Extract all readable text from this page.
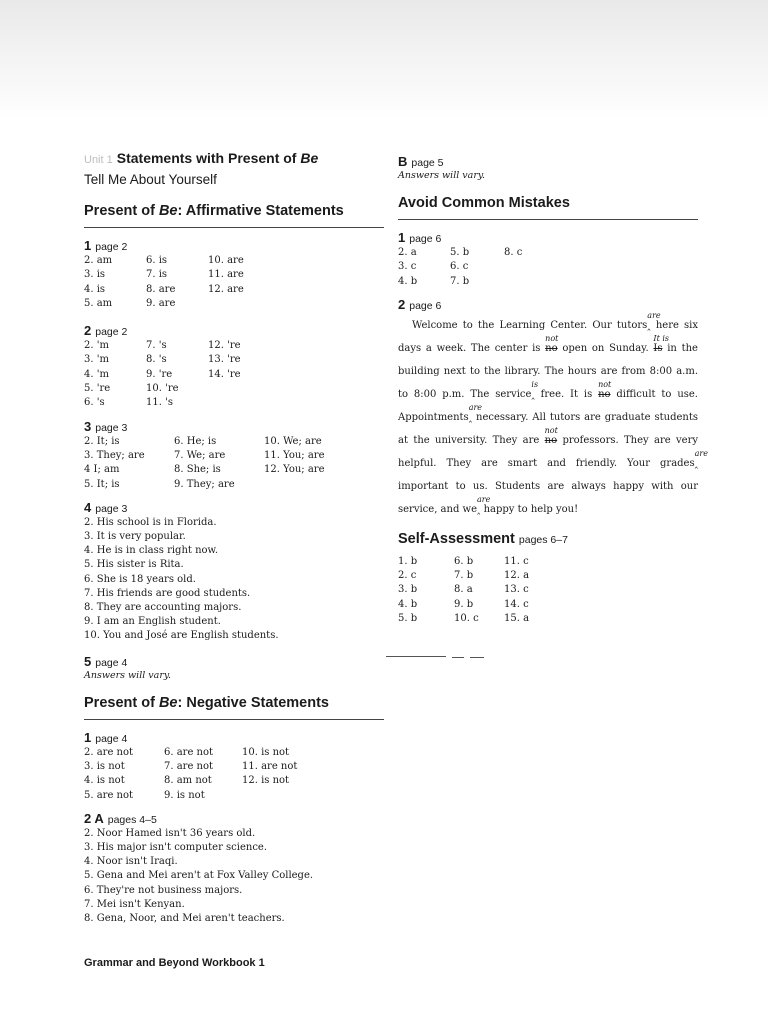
Unit 1 Statements with Present of Be
Tell Me About Yourself
Present of Be: Affirmative Statements
1 page 2
2. am
3. is
4. is
5. am
6. is
7. is
8. are
9. are
10. are
11. are
12. are
2 page 2
2. 'm
3. 'm
4. 'm
5. 're
6. 's
7. 's
8. 's
9. 're
10. 're
11. 's
12. 're
13. 're
14. 're
3 page 3
2. It; is
3. They; are
4 I; am
5. It; is
6. He; is
7. We; are
8. She; is
9. They; are
10. We; are
11. You; are
12. You; are
4 page 3
2. His school is in Florida.
3. It is very popular.
4. He is in class right now.
5. His sister is Rita.
6. She is 18 years old.
7. His friends are good students.
8. They are accounting majors.
9. I am an English student.
10. You and José are English students.
5 page 4
Answers will vary.
Present of Be: Negative Statements
1 page 4
2. are not
3. is not
4. is not
5. are not
6. are not
7. are not
8. am not
9. is not
10. is not
11. are not
12. is not
2 A pages 4–5
2. Noor Hamed isn't 36 years old.
3. His major isn't computer science.
4. Noor isn't Iraqi.
5. Gena and Mei aren't at Fox Valley College.
6. They're not business majors.
7. Mei isn't Kenyan.
8. Gena, Noor, and Mei aren't teachers.
B page 5
Answers will vary.
Avoid Common Mistakes
1 page 6
2. a
3. c
4. b
5. b
6. c
7. b
8. c
2 page 6
Welcome to the Learning Center. Our tutors
are
‸ here six days a week. The center is
not
no open on Sunday.
It is
Is in the building next to the library. The hours are from 8:00 a.m. to 8:00 p.m. The service
is
‸ free. It is
not
no difficult to use. Appointments
are
‸ necessary. All tutors are graduate students at the university. They are
not
no professors. They are very helpful. They are smart and friendly. Your grades
are
‸ important to us. Students are always happy with our service, and we
are
‸ happy to help you!
Self-Assessment pages 6–7
1. b
2. c
3. b
4. b
5. b
6. b
7. b
8. a
9. b
10. c
11. c
12. a
13. c
14. c
15. a
Grammar and Beyond Workbook 1
